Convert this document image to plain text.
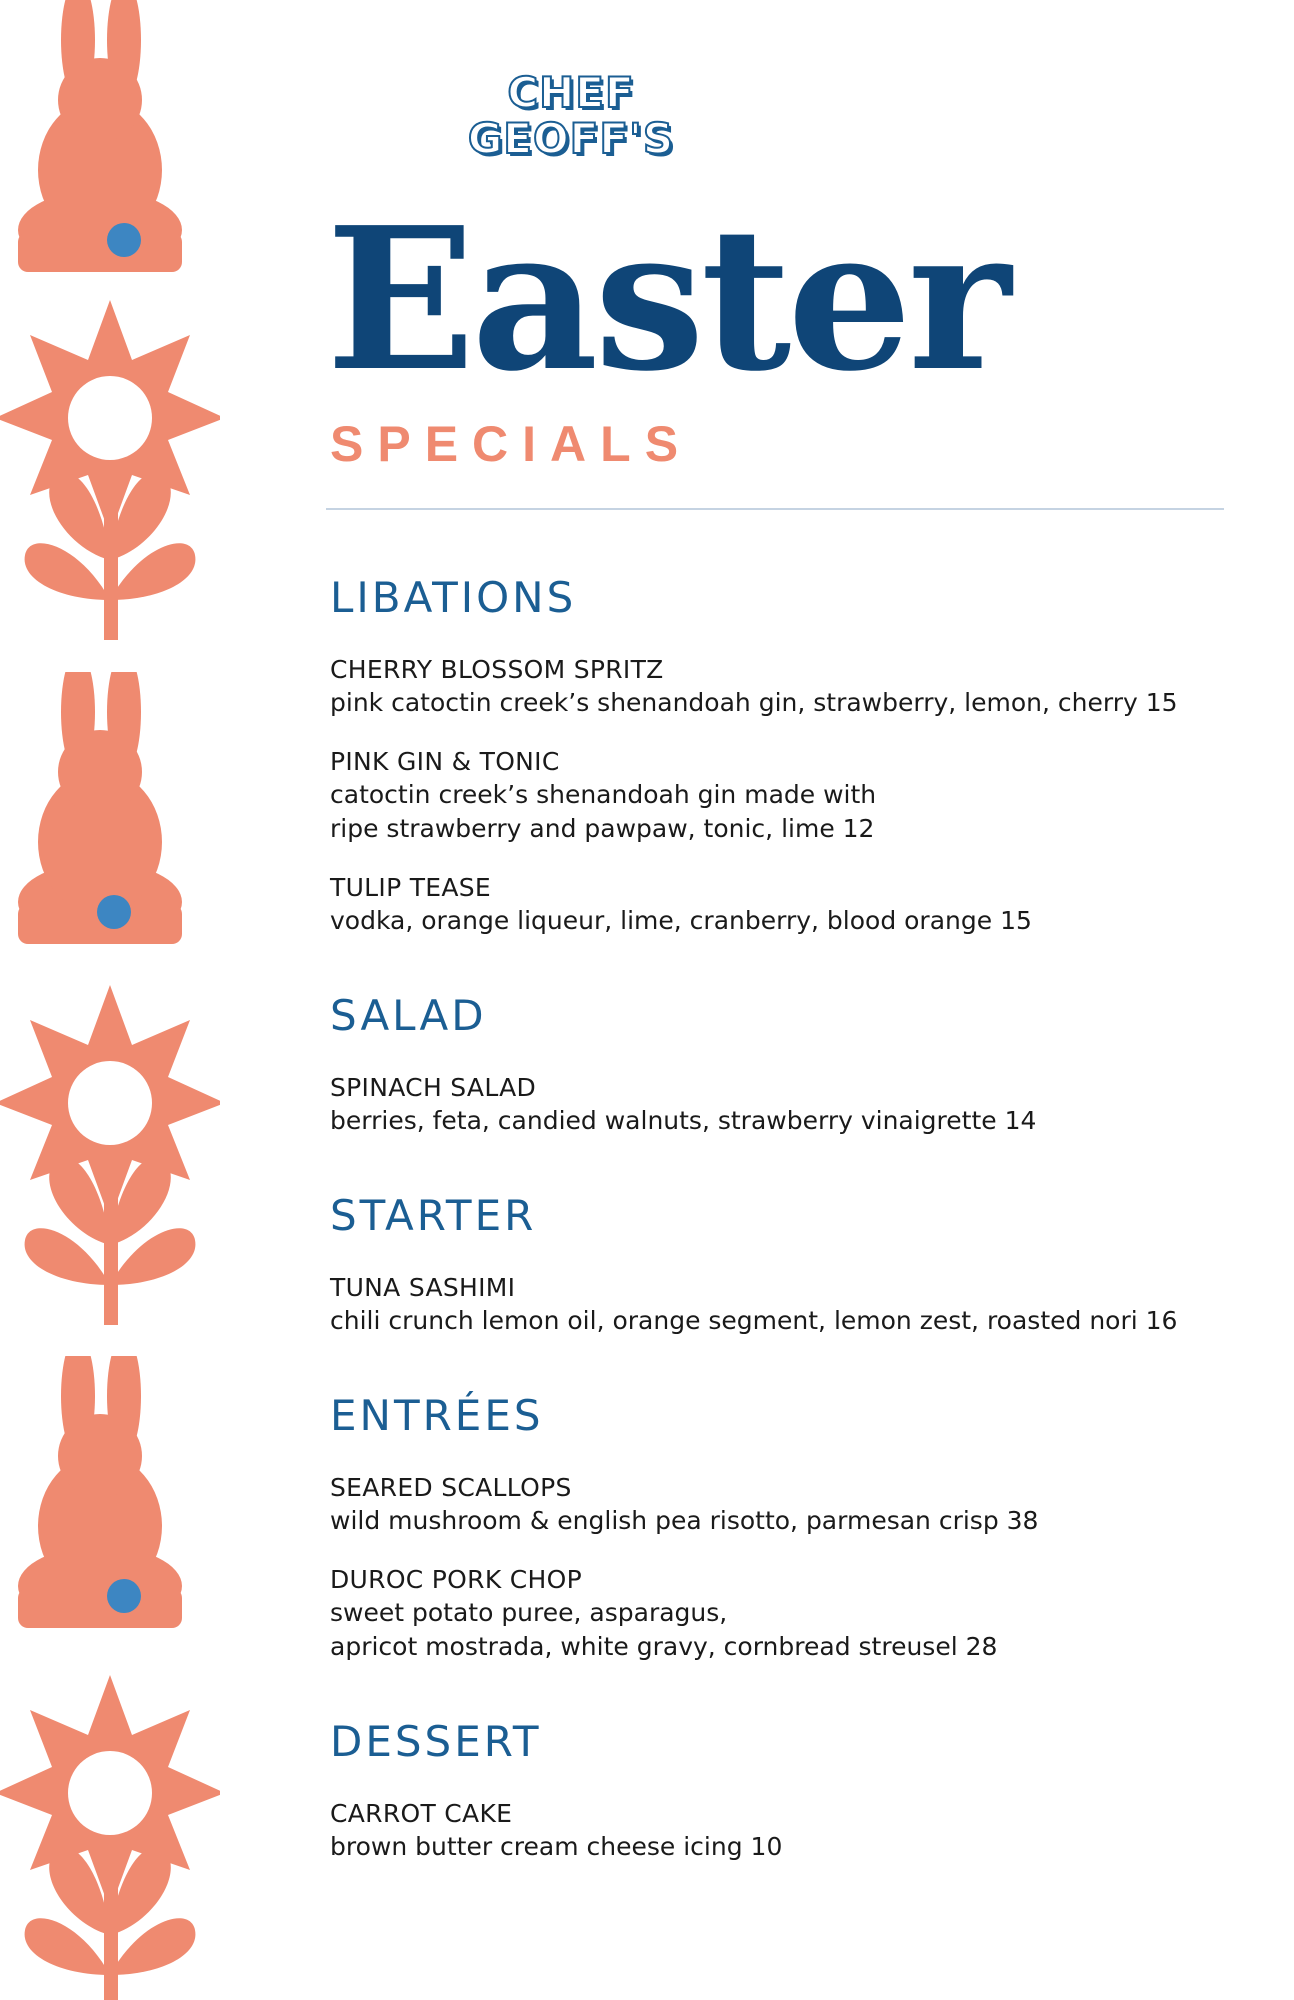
CHEF
GEOFF'S
Easter
SPECIALS
LIBATIONS
CHERRY BLOSSOM SPRITZ
pink catoctin creek’s shenandoah gin, strawberry, lemon, cherry 15
PINK GIN & TONIC
catoctin creek’s shenandoah gin made with
ripe strawberry and pawpaw, tonic, lime 12
TULIP TEASE
vodka, orange liqueur, lime, cranberry, blood orange 15
SALAD
SPINACH SALAD
berries, feta, candied walnuts, strawberry vinaigrette 14
STARTER
TUNA SASHIMI
chili crunch lemon oil, orange segment, lemon zest, roasted nori 16
ENTRÉES
SEARED SCALLOPS
wild mushroom & english pea risotto, parmesan crisp 38
DUROC PORK CHOP
sweet potato puree, asparagus,
apricot mostrada, white gravy, cornbread streusel 28
DESSERT
CARROT CAKE
brown butter cream cheese icing 10
